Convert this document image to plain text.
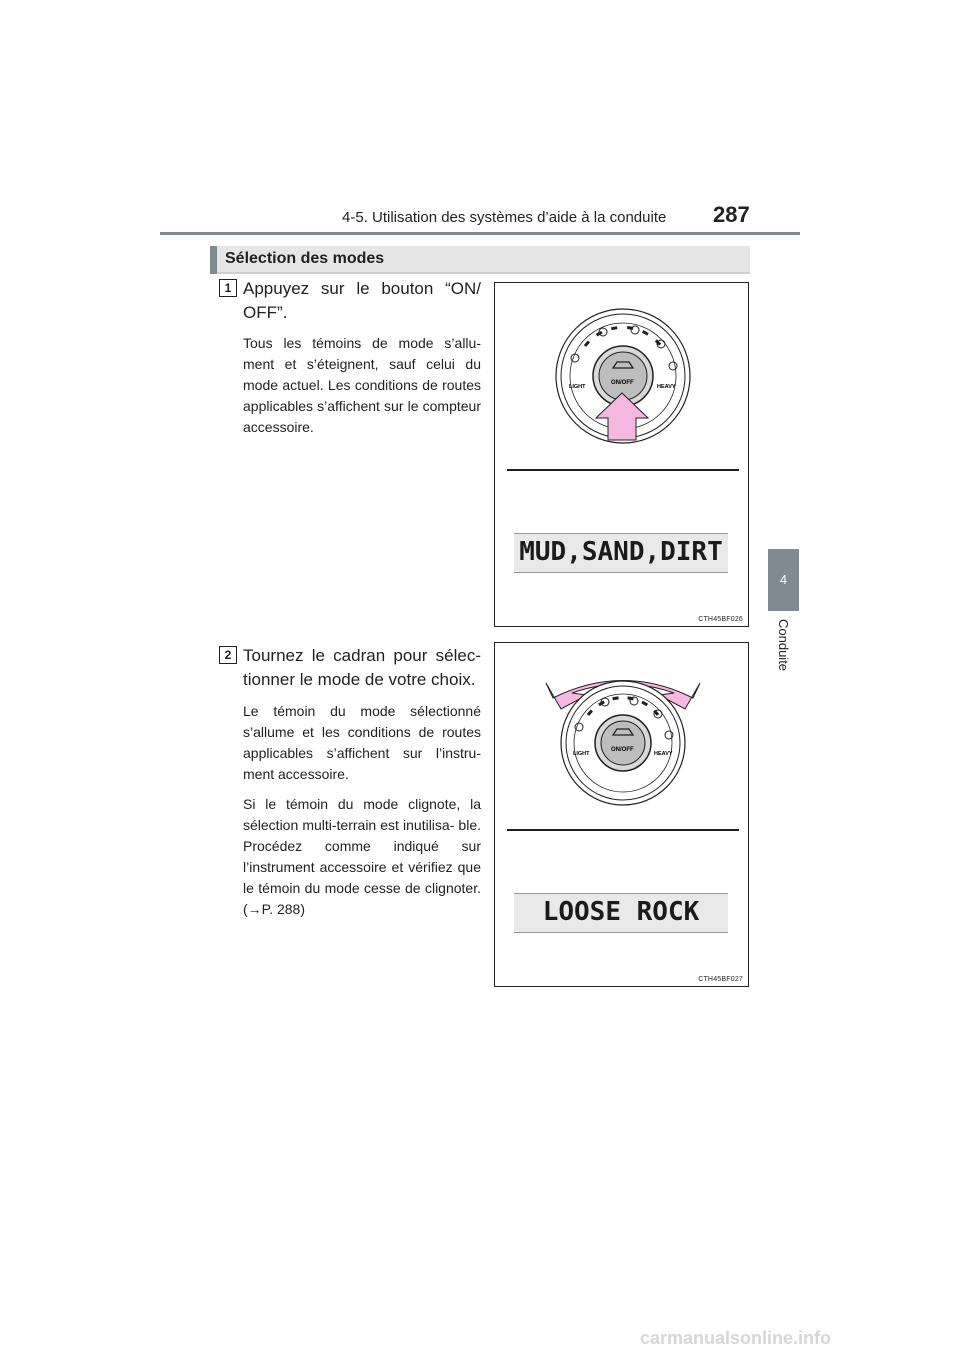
4-5. Utilisation des systèmes d’aide à la conduite 287
4
Conduite
Sélection des modes
1 Appuyez sur le bouton “ON/ OFF”.

Tous les témoins de mode s’allu- ment et s’éteignent, sauf celui du mode actuel. Les conditions de routes applicables s’affichent sur le compteur accessoire.

LIGHT	HEAVY
ON/OFF
MUD,SAND,DIRT
CTH45BF026
2 Tournez le cadran pour sélec- tionner le mode de votre choix.

Le témoin du mode sélectionné s’allume et les conditions de routes applicables s’affichent sur l’instru- ment accessoire.

Si le témoin du mode clignote, la sélection multi-terrain est inutilisa- ble. Procédez comme indiqué sur l’instrument accessoire et vérifiez que le témoin du mode cesse de clignoter. (→P. 288)

LIGHT	HEAVY
ON/OFF
LOOSE ROCK
CTH45BF027
carmanualsonline.info
